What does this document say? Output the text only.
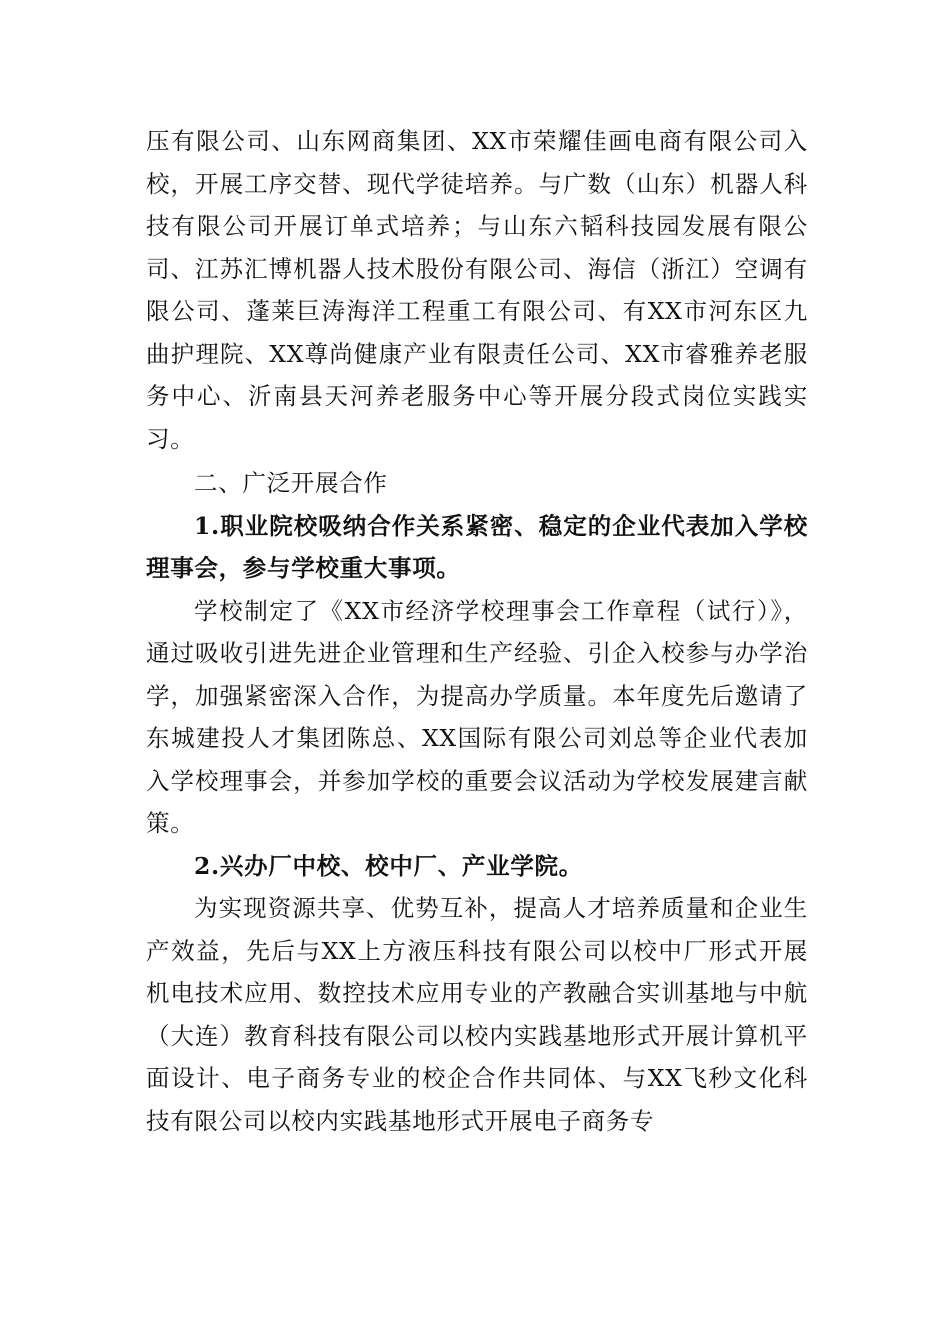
压有限公司、山东网商集团、XX市荣耀佳画电商有限公司入校，开展工序交替、现代学徒培养。与广数（山东）机器人科技有限公司开展订单式培养；与山东六韬科技园发展有限公司、江苏汇博机器人技术股份有限公司、海信（浙江）空调有限公司、蓬莱巨涛海洋工程重工有限公司、有XX市河东区九曲护理院、XX尊尚健康产业有限责任公司、XX市睿雅养老服务中心、沂南县天河养老服务中心等开展分段式岗位实践实习。

二、广泛开展合作

1.职业院校吸纳合作关系紧密、稳定的企业代表加入学校理事会，参与学校重大事项。

学校制定了《XX市经济学校理事会工作章程（试行）》，通过吸收引进先进企业管理和生产经验、引企入校参与办学治学，加强紧密深入合作，为提高办学质量。本年度先后邀请了东城建投人才集团陈总、XX国际有限公司刘总等企业代表加入学校理事会，并参加学校的重要会议活动为学校发展建言献策。

2.兴办厂中校、校中厂、产业学院。

为实现资源共享、优势互补，提高人才培养质量和企业生产效益，先后与XX上方液压科技有限公司以校中厂形式开展机电技术应用、数控技术应用专业的产教融合实训基地与中航（大连）教育科技有限公司以校内实践基地形式开展计算机平面设计、电子商务专业的校企合作共同体、与XX飞秒文化科技有限公司以校内实践基地形式开展电子商务专
